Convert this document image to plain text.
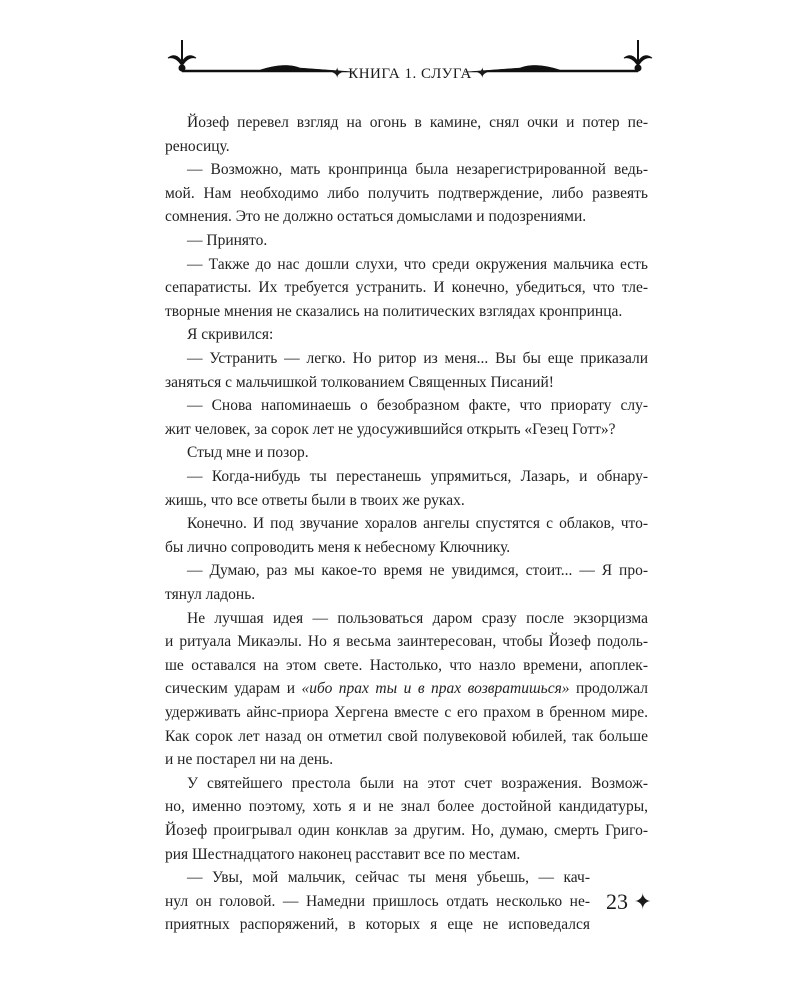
✦ КНИГА 1. СЛУГА ✦
Йозеф перевел взгляд на огонь в камине, снял очки и потер пе-
реносицу.
— Возможно, мать кронпринца была незарегистрированной ведь-
мой. Нам необходимо либо получить подтверждение, либо развеять
сомнения. Это не должно остаться домыслами и подозрениями.
— Принято.
— Также до нас дошли слухи, что среди окружения мальчика есть
сепаратисты. Их требуется устранить. И конечно, убедиться, что тле-
творные мнения не сказались на политических взглядах кронпринца.
Я скривился:
— Устранить — легко. Но ритор из меня... Вы бы еще приказали
заняться с мальчишкой толкованием Священных Писаний!
— Снова напоминаешь о безобразном факте, что приорату слу-
жит человек, за сорок лет не удосужившийся открыть «Гезец Готт»?
Стыд мне и позор.
— Когда-нибудь ты перестанешь упрямиться, Лазарь, и обнару-
жишь, что все ответы были в твоих же руках.
Конечно. И под звучание хоралов ангелы спустятся с облаков, что-
бы лично сопроводить меня к небесному Ключнику.
— Думаю, раз мы какое-то время не увидимся, стоит... — Я про-
тянул ладонь.
Не лучшая идея — пользоваться даром сразу после экзорцизма
и ритуала Микаэлы. Но я весьма заинтересован, чтобы Йозеф подоль-
ше оставался на этом свете. Настолько, что назло времени, апоплек-
сическим ударам и «ибо прах ты и в прах возвратишься» продолжал
удерживать айнс-приора Хергена вместе с его прахом в бренном мире.
Как сорок лет назад он отметил свой полувековой юбилей, так больше
и не постарел ни на день.
У святейшего престола были на этот счет возражения. Возмож-
но, именно поэтому, хоть я и не знал более достойной кандидатуры,
Йозеф проигрывал один конклав за другим. Но, думаю, смерть Григо-
рия Шестнадцатого наконец расставит все по местам.
— Увы, мой мальчик, сейчас ты меня убьешь, — кач-
нул он головой. — Намедни пришлось отдать несколько не-
приятных распоряжений, в которых я еще не исповедался
23 ✦
